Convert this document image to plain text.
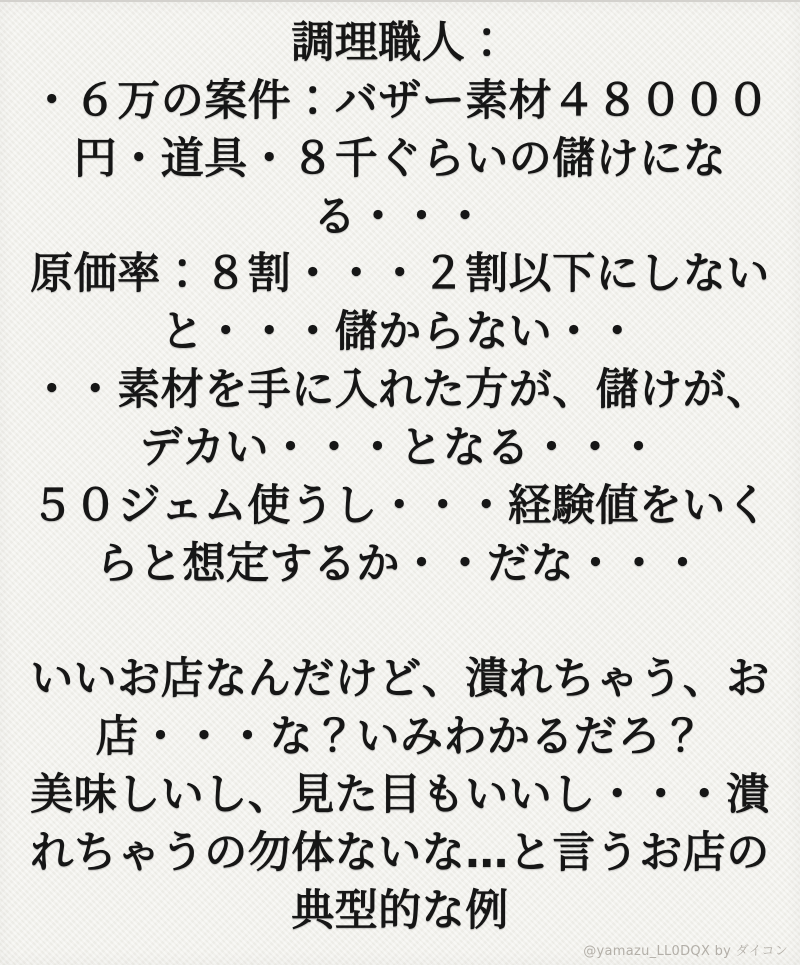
調理職人：
・６万の案件：バザー素材４８０００
円・道具・８千ぐらいの儲けにな
る・・・
原価率：８割・・・２割以下にしない
と・・・儲からない・・
・・素材を手に入れた方が、儲けが、
デカい・・・となる・・・
５０ジェム使うし・・・経験値をいく
らと想定するか・・だな・・・
いいお店なんだけど、潰れちゃう、お
店・・・な？いみわかるだろ？
美味しいし、見た目もいいし・・・潰
れちゃうの勿体ないな…と言うお店の
典型的な例
@yamazu_LL0DQX by ダイコン
